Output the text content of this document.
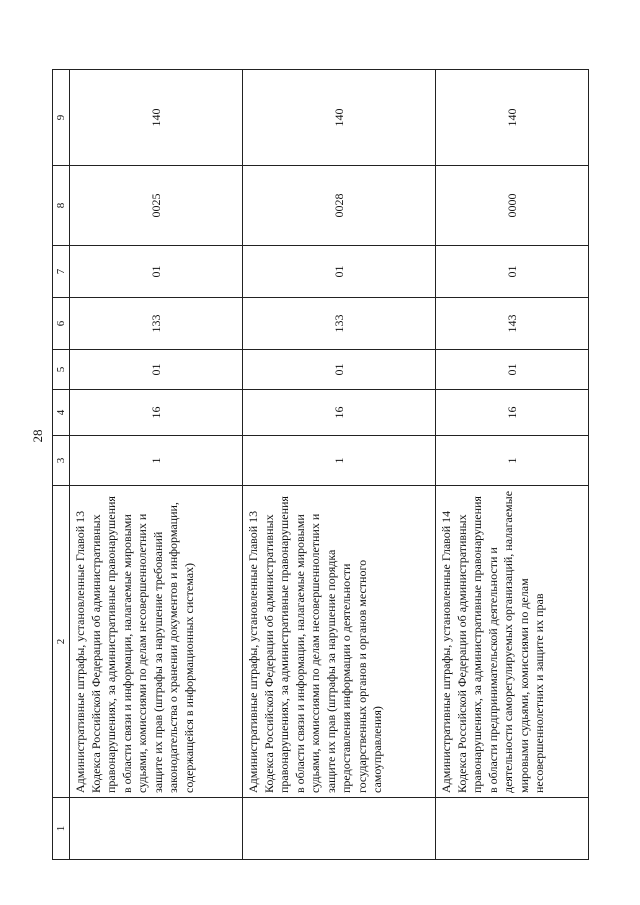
28
1	2	3	4	5	6	7	8	9
	Административные штрафы, установленные Главой 13 Кодекса Российской Федерации об административных правонарушениях, за административные правонарушения в области связи и информации, налагаемые мировыми судьями, комиссиями по делам несовершеннолетних и защите их прав (штрафы за нарушение требований законодательства о хранении документов и информации, содержащейся в информационных системах)	1	16	01	133	01	0025	140
	Административные штрафы, установленные Главой 13 Кодекса Российской Федерации об административных правонарушениях, за административные правонарушения в области связи и информации, налагаемые мировыми судьями, комиссиями по делам несовершеннолетних и защите их прав (штрафы за нарушение порядка предоставления информации о деятельности государственных органов и органов местного самоуправления)	1	16	01	133	01	0028	140
	Административные штрафы, установленные Главой 14 Кодекса Российской Федерации об административных правонарушениях, за административные правонарушения в области предпринимательской деятельности и деятельности саморегулируемых организаций, налагаемые мировыми судьями, комиссиями по делам несовершеннолетних и защите их прав	1	16	01	143	01	0000	140
